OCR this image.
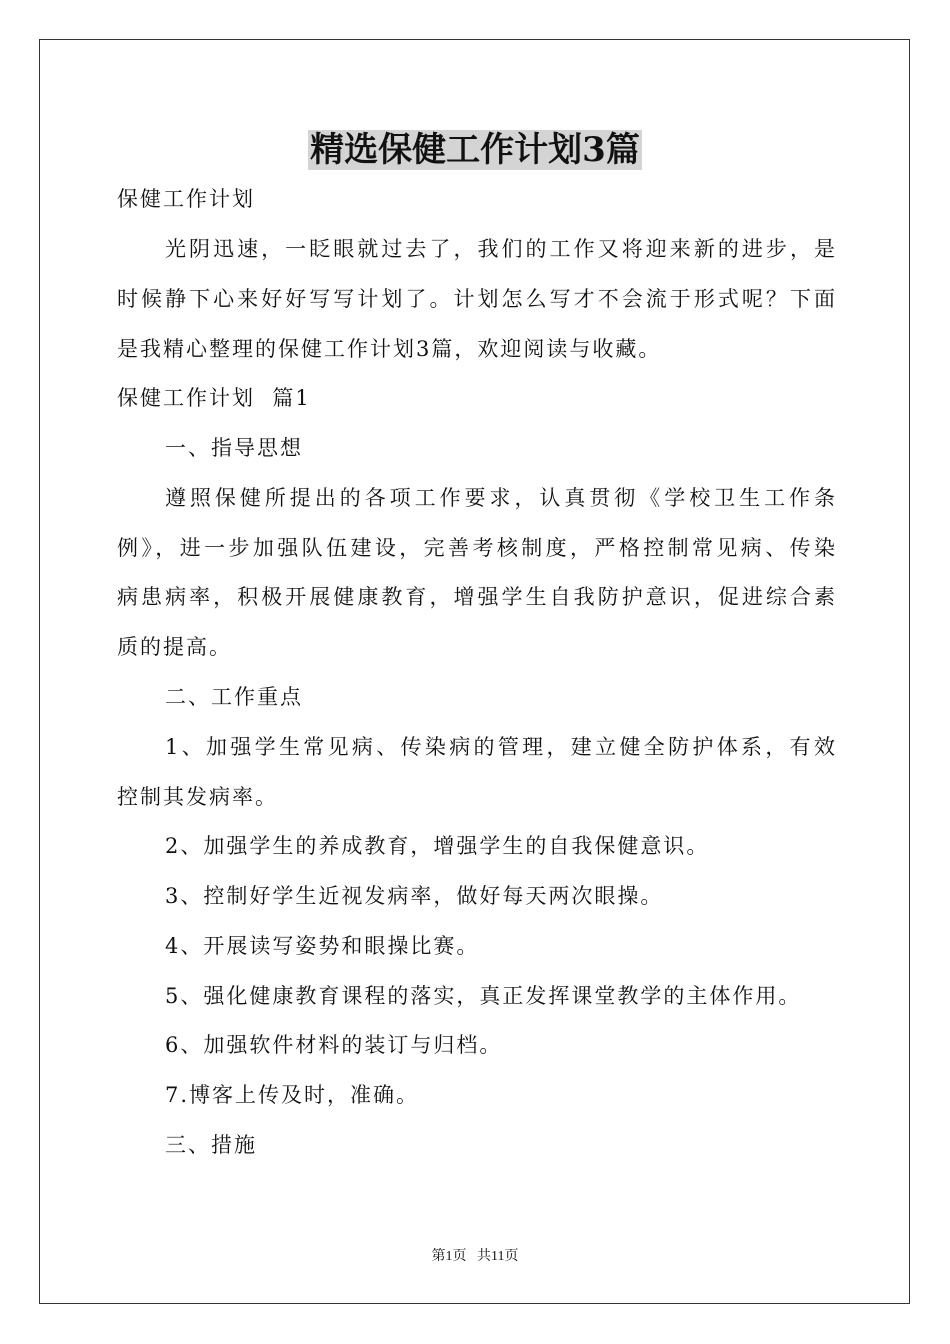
精选保健工作计划3篇
保健工作计划
光阴迅速，一眨眼就过去了，我们的工作又将迎来新的进步，是
时候静下心来好好写写计划了。计划怎么写才不会流于形式呢？下面
是我精心整理的保健工作计划3篇，欢迎阅读与收藏。
保健工作计划  篇1
一、指导思想
遵照保健所提出的各项工作要求，认真贯彻《学校卫生工作条
例》，进一步加强队伍建设，完善考核制度，严格控制常见病、传染
病患病率，积极开展健康教育，增强学生自我防护意识，促进综合素
质的提高。
二、工作重点
1、加强学生常见病、传染病的管理，建立健全防护体系，有效
控制其发病率。
2、加强学生的养成教育，增强学生的自我保健意识。
3、控制好学生近视发病率，做好每天两次眼操。
4、开展读写姿势和眼操比赛。
5、强化健康教育课程的落实，真正发挥课堂教学的主体作用。
6、加强软件材料的装订与归档。
7.博客上传及时，准确。
三、措施
第1页   共11页
